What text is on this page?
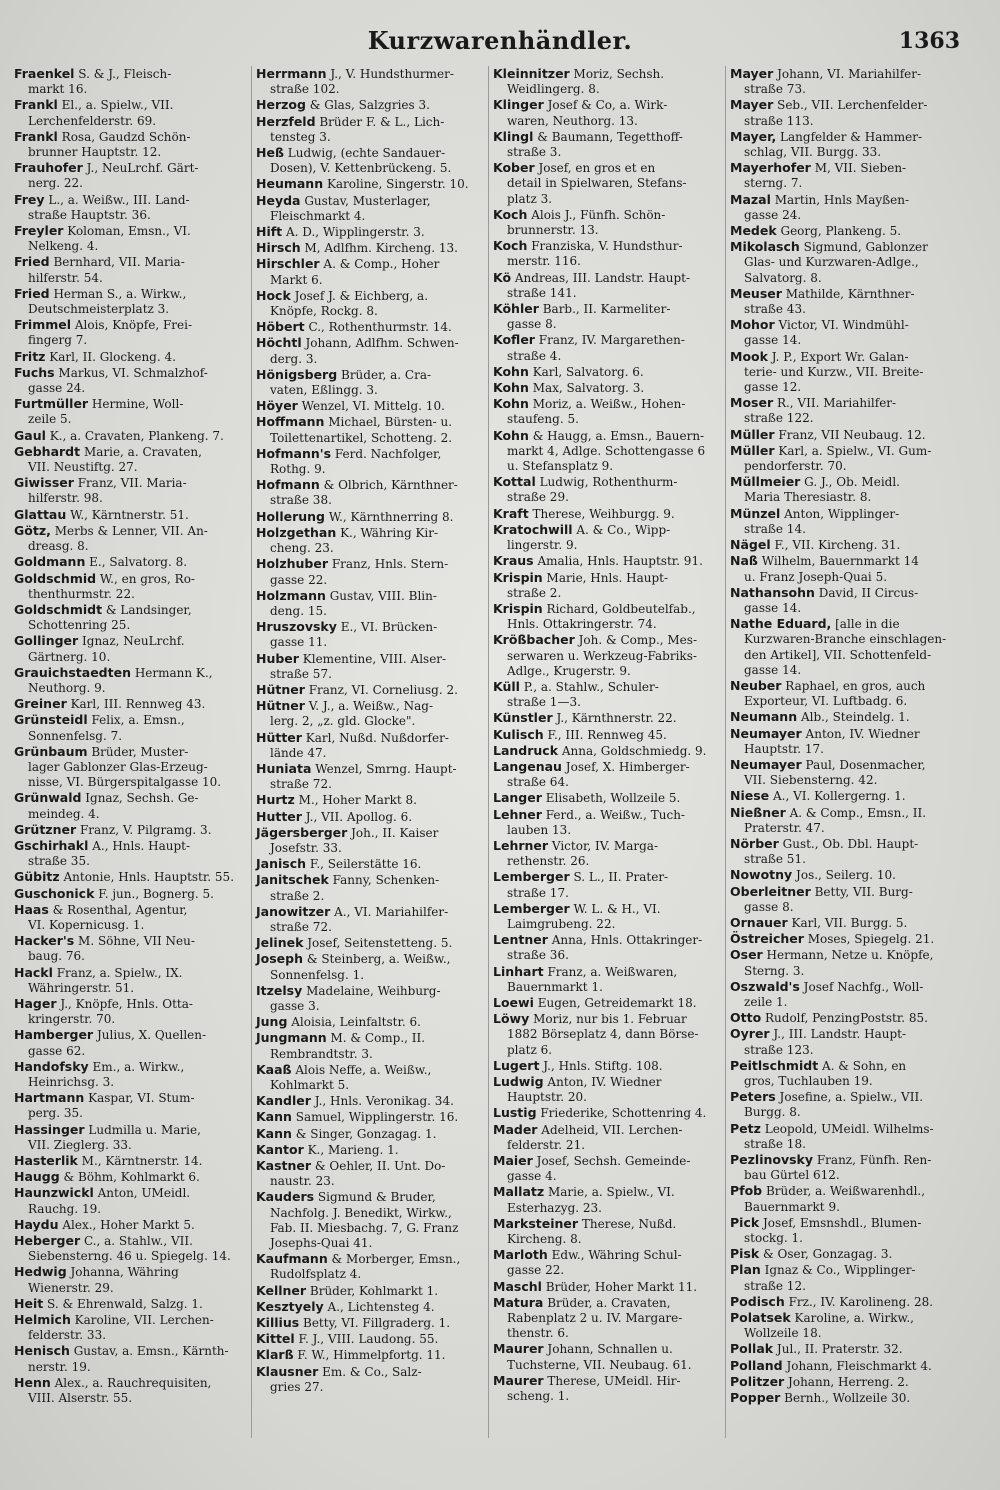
Kurzwarenhändler.	1363
Fraenkel S. & J., Fleisch-
markt 16.
Frankl El., a. Spielw., VII.
Lerchenfelderstr. 69.
Frankl Rosa, Gaudzd Schön-
brunner Hauptstr. 12.
Frauhofer J., NeuLrchf. Gärt-
nerg. 22.
Frey L., a. Weißw., III. Land-
straße Hauptstr. 36.
Freyler Koloman, Emsn., VI.
Nelkeng. 4.
Fried Bernhard, VII. Maria-
hilferstr. 54.
Fried Herman S., a. Wirkw.,
Deutschmeisterplatz 3.
Frimmel Alois, Knöpfe, Frei-
fingerg 7.
Fritz Karl, II. Glockeng. 4.
Fuchs Markus, VI. Schmalzhof-
gasse 24.
Furtmüller Hermine, Woll-
zeile 5.
Gaul K., a. Cravaten, Plankeng. 7.
Gebhardt Marie, a. Cravaten,
VII. Neustiftg. 27.
Giwisser Franz, VII. Maria-
hilferstr. 98.
Glattau W., Kärntnerstr. 51.
Götz, Merbs & Lenner, VII. An-
dreasg. 8.
Goldmann E., Salvatorg. 8.
Goldschmid W., en gros, Ro-
thenthurmstr. 22.
Goldschmidt & Landsinger,
Schottenring 25.
Gollinger Ignaz, NeuLrchf.
Gärtnerg. 10.
Grauichstaedten Hermann K.,
Neuthorg. 9.
Greiner Karl, III. Rennweg 43.
Grünsteidl Felix, a. Emsn.,
Sonnenfelsg. 7.
Grünbaum Brüder, Muster-
lager Gablonzer Glas-Erzeug-
nisse, VI. Bürgerspitalgasse 10.
Grünwald Ignaz, Sechsh. Ge-
meindeg. 4.
Grützner Franz, V. Pilgramg. 3.
Gschirhakl A., Hnls. Haupt-
straße 35.
Gübitz Antonie, Hnls. Hauptstr. 55.
Guschonick F. jun., Bognerg. 5.
Haas & Rosenthal, Agentur,
VI. Kopernicusg. 1.
Hacker's M. Söhne, VII Neu-
baug. 76.
Hackl Franz, a. Spielw., IX.
Währingerstr. 51.
Hager J., Knöpfe, Hnls. Otta-
kringerstr. 70.
Hamberger Julius, X. Quellen-
gasse 62.
Handofsky Em., a. Wirkw.,
Heinrichsg. 3.
Hartmann Kaspar, VI. Stum-
perg. 35.
Hassinger Ludmilla u. Marie,
VII. Zieglerg. 33.
Hasterlik M., Kärntnerstr. 14.
Haugg & Böhm, Kohlmarkt 6.
Haunzwickl Anton, UMeidl.
Rauchg. 19.
Haydu Alex., Hoher Markt 5.
Heberger C., a. Stahlw., VII.
Siebensterng. 46 u. Spiegelg. 14.
Hedwig Johanna, Währing
Wienerstr. 29.
Heit S. & Ehrenwald, Salzg. 1.
Helmich Karoline, VII. Lerchen-
felderstr. 33.
Henisch Gustav, a. Emsn., Kärnth-
nerstr. 19.
Henn Alex., a. Rauchrequisiten,
VIII. Alserstr. 55.
Herrmann J., V. Hundsthurmer-
straße 102.
Herzog & Glas, Salzgries 3.
Herzfeld Brüder F. & L., Lich-
tensteg 3.
Heß Ludwig, (echte Sandauer-
Dosen), V. Kettenbrückeng. 5.
Heumann Karoline, Singerstr. 10.
Heyda Gustav, Musterlager,
Fleischmarkt 4.
Hift A. D., Wipplingerstr. 3.
Hirsch M, Adlfhm. Kircheng. 13.
Hirschler A. & Comp., Hoher
Markt 6.
Hock Josef J. & Eichberg, a.
Knöpfe, Rockg. 8.
Höbert C., Rothenthurmstr. 14.
Höchtl Johann, Adlfhm. Schwen-
derg. 3.
Hönigsberg Brüder, a. Cra-
vaten, Eßlingg. 3.
Höyer Wenzel, VI. Mittelg. 10.
Hoffmann Michael, Bürsten- u.
Toilettenartikel, Schotteng. 2.
Hofmann's Ferd. Nachfolger,
Rothg. 9.
Hofmann & Olbrich, Kärnthner-
straße 38.
Hollerung W., Kärnthnerring 8.
Holzgethan K., Währing Kir-
cheng. 23.
Holzhuber Franz, Hnls. Stern-
gasse 22.
Holzmann Gustav, VIII. Blin-
deng. 15.
Hruszovsky E., VI. Brücken-
gasse 11.
Huber Klementine, VIII. Alser-
straße 57.
Hütner Franz, VI. Corneliusg. 2.
Hütner V. J., a. Weißw., Nag-
lerg. 2, „z. gld. Glocke".
Hütter Karl, Nußd. Nußdorfer-
lände 47.
Huniata Wenzel, Smrng. Haupt-
straße 72.
Hurtz M., Hoher Markt 8.
Hutter J., VII. Apollog. 6.
Jägersberger Joh., II. Kaiser
Josefstr. 33.
Janisch F., Seilerstätte 16.
Janitschek Fanny, Schenken-
straße 2.
Janowitzer A., VI. Mariahilfer-
straße 72.
Jelinek Josef, Seitenstetteng. 5.
Joseph & Steinberg, a. Weißw.,
Sonnenfelsg. 1.
Itzelsy Madelaine, Weihburg-
gasse 3.
Jung Aloisia, Leinfaltstr. 6.
Jungmann M. & Comp., II.
Rembrandtstr. 3.
Kaaß Alois Neffe, a. Weißw.,
Kohlmarkt 5.
Kandler J., Hnls. Veronikag. 34.
Kann Samuel, Wipplingerstr. 16.
Kann & Singer, Gonzagag. 1.
Kantor K., Marieng. 1.
Kastner & Oehler, II. Unt. Do-
naustr. 23.
Kauders Sigmund & Bruder,
Nachfolg. J. Benedikt, Wirkw.,
Fab. II. Miesbachg. 7, G. Franz
Josephs-Quai 41.
Kaufmann & Morberger, Emsn.,
Rudolfsplatz 4.
Kellner Brüder, Kohlmarkt 1.
Kesztyely A., Lichtensteg 4.
Killius Betty, VI. Fillgraderg. 1.
Kittel F. J., VIII. Laudong. 55.
Klarß F. W., Himmelpfortg. 11.
Klausner Em. & Co., Salz-
gries 27.
Kleinnitzer Moriz, Sechsh.
Weidlingerg. 8.
Klinger Josef & Co, a. Wirk-
waren, Neuthorg. 13.
Klingl & Baumann, Tegetthoff-
straße 3.
Kober Josef, en gros et en
detail in Spielwaren, Stefans-
platz 3.
Koch Alois J., Fünfh. Schön-
brunnerstr. 13.
Koch Franziska, V. Hundsthur-
merstr. 116.
Kö Andreas, III. Landstr. Haupt-
straße 141.
Köhler Barb., II. Karmeliter-
gasse 8.
Kofler Franz, IV. Margarethen-
straße 4.
Kohn Karl, Salvatorg. 6.
Kohn Max, Salvatorg. 3.
Kohn Moriz, a. Weißw., Hohen-
staufeng. 5.
Kohn & Haugg, a. Emsn., Bauern-
markt 4, Adlge. Schottengasse 6
u. Stefansplatz 9.
Kottal Ludwig, Rothenthurm-
straße 29.
Kraft Therese, Weihburgg. 9.
Kratochwill A. & Co., Wipp-
lingerstr. 9.
Kraus Amalia, Hnls. Hauptstr. 91.
Krispin Marie, Hnls. Haupt-
straße 2.
Krispin Richard, Goldbeutelfab.,
Hnls. Ottakringerstr. 74.
Krößbacher Joh. & Comp., Mes-
serwaren u. Werkzeug-Fabriks-
Adlge., Krugerstr. 9.
Küll P., a. Stahlw., Schuler-
straße 1—3.
Künstler J., Kärnthnerstr. 22.
Kulisch F., III. Rennweg 45.
Landruck Anna, Goldschmiedg. 9.
Langenau Josef, X. Himberger-
straße 64.
Langer Elisabeth, Wollzeile 5.
Lehner Ferd., a. Weißw., Tuch-
lauben 13.
Lehrner Victor, IV. Marga-
rethenstr. 26.
Lemberger S. L., II. Prater-
straße 17.
Lemberger W. L. & H., VI.
Laimgrubeng. 22.
Lentner Anna, Hnls. Ottakringer-
straße 36.
Linhart Franz, a. Weißwaren,
Bauernmarkt 1.
Loewi Eugen, Getreidemarkt 18.
Löwy Moriz, nur bis 1. Februar
1882 Börseplatz 4, dann Börse-
platz 6.
Lugert J., Hnls. Stiftg. 108.
Ludwig Anton, IV. Wiedner
Hauptstr. 20.
Lustig Friederike, Schottenring 4.
Mader Adelheid, VII. Lerchen-
felderstr. 21.
Maier Josef, Sechsh. Gemeinde-
gasse 4.
Mallatz Marie, a. Spielw., VI.
Esterhazyg. 23.
Marksteiner Therese, Nußd.
Kircheng. 8.
Marloth Edw., Währing Schul-
gasse 22.
Maschl Brüder, Hoher Markt 11.
Matura Brüder, a. Cravaten,
Rabenplatz 2 u. IV. Margare-
thenstr. 6.
Maurer Johann, Schnallen u.
Tuchsterne, VII. Neubaug. 61.
Maurer Therese, UMeidl. Hir-
scheng. 1.
Mayer Johann, VI. Mariahilfer-
straße 73.
Mayer Seb., VII. Lerchenfelder-
straße 113.
Mayer, Langfelder & Hammer-
schlag, VII. Burgg. 33.
Mayerhofer M, VII. Sieben-
sterng. 7.
Mazal Martin, Hnls Mayßen-
gasse 24.
Medek Georg, Plankeng. 5.
Mikolasch Sigmund, Gablonzer
Glas- und Kurzwaren-Adlge.,
Salvatorg. 8.
Meuser Mathilde, Kärnthner-
straße 43.
Mohor Victor, VI. Windmühl-
gasse 14.
Mook J. P., Export Wr. Galan-
terie- und Kurzw., VII. Breite-
gasse 12.
Moser R., VII. Mariahilfer-
straße 122.
Müller Franz, VII Neubaug. 12.
Müller Karl, a. Spielw., VI. Gum-
pendorferstr. 70.
Müllmeier G. J., Ob. Meidl.
Maria Theresiastr. 8.
Münzel Anton, Wipplinger-
straße 14.
Nägel F., VII. Kircheng. 31.
Naß Wilhelm, Bauernmarkt 14
u. Franz Joseph-Quai 5.
Nathansohn David, II Circus-
gasse 14.
Nathe Eduard, [alle in die
Kurzwaren-Branche einschlagen-
den Artikel], VII. Schottenfeld-
gasse 14.
Neuber Raphael, en gros, auch
Exporteur, VI. Luftbadg. 6.
Neumann Alb., Steindelg. 1.
Neumayer Anton, IV. Wiedner
Hauptstr. 17.
Neumayer Paul, Dosenmacher,
VII. Siebensterng. 42.
Niese A., VI. Kollergerng. 1.
Nießner A. & Comp., Emsn., II.
Praterstr. 47.
Nörber Gust., Ob. Dbl. Haupt-
straße 51.
Nowotny Jos., Seilerg. 10.
Oberleitner Betty, VII. Burg-
gasse 8.
Ornauer Karl, VII. Burgg. 5.
Östreicher Moses, Spiegelg. 21.
Oser Hermann, Netze u. Knöpfe,
Sterng. 3.
Oszwald's Josef Nachfg., Woll-
zeile 1.
Otto Rudolf, PenzingPoststr. 85.
Oyrer J., III. Landstr. Haupt-
straße 123.
Peitlschmidt A. & Sohn, en
gros, Tuchlauben 19.
Peters Josefine, a. Spielw., VII.
Burgg. 8.
Petz Leopold, UMeidl. Wilhelms-
straße 18.
Pezlinovsky Franz, Fünfh. Ren-
bau Gürtel 612.
Pfob Brüder, a. Weißwarenhdl.,
Bauernmarkt 9.
Pick Josef, Emsnshdl., Blumen-
stockg. 1.
Pisk & Oser, Gonzagag. 3.
Plan Ignaz & Co., Wipplinger-
straße 12.
Podisch Frz., IV. Karolineng. 28.
Polatsek Karoline, a. Wirkw.,
Wollzeile 18.
Pollak Jul., II. Praterstr. 32.
Polland Johann, Fleischmarkt 4.
Politzer Johann, Herreng. 2.
Popper Bernh., Wollzeile 30.
